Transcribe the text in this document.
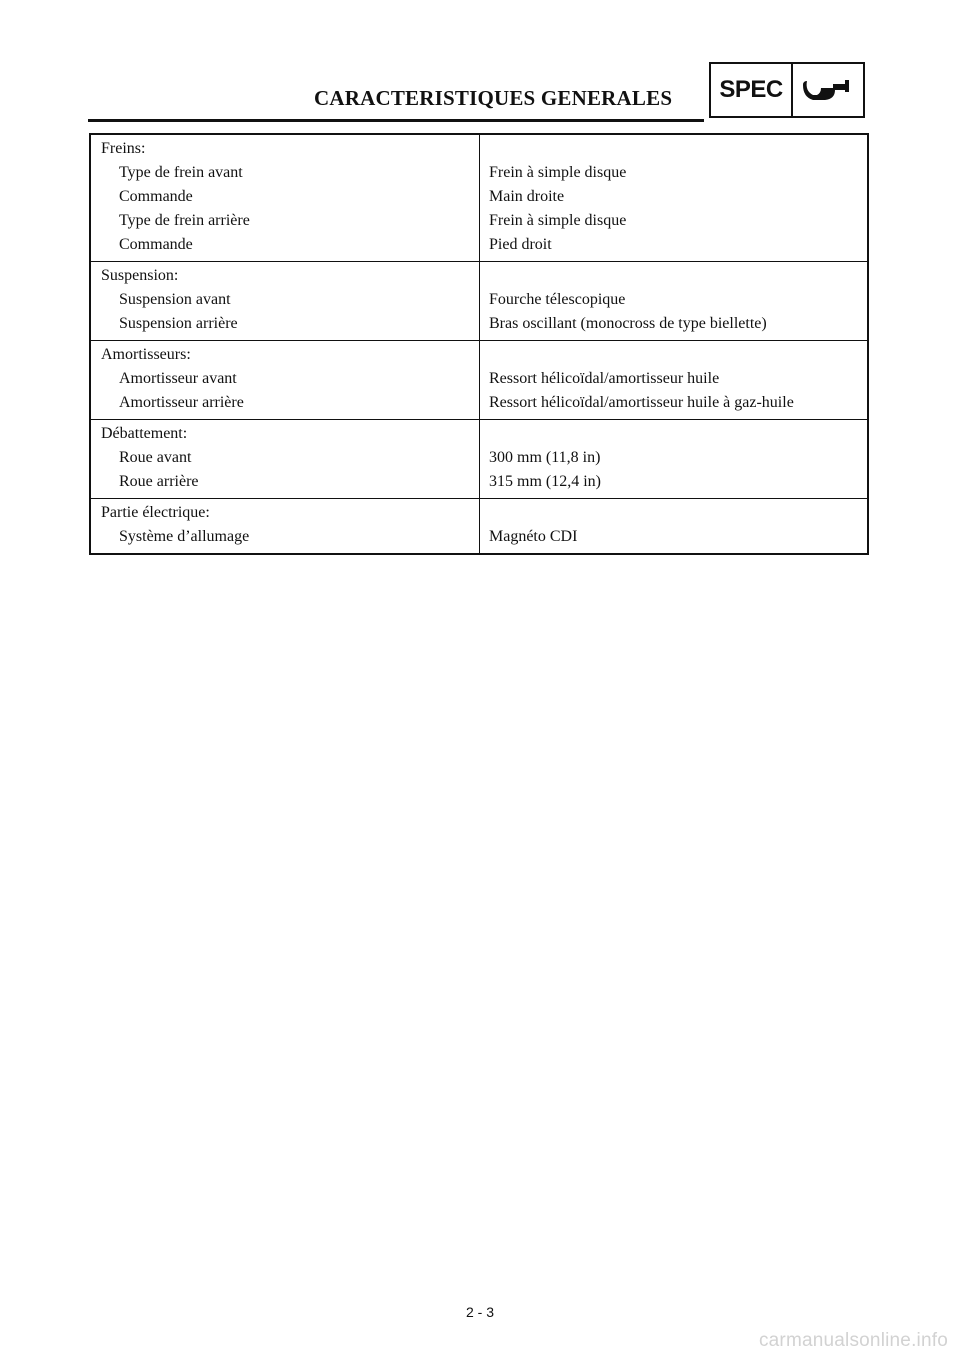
CARACTERISTIQUES GENERALES	SPEC
Freins:
Type de frein avant
Commande
Type de frein arrière
Commande
Frein à simple disque
Main droite
Frein à simple disque
Pied droit
Suspension:
Suspension avant
Suspension arrière
Fourche télescopique
Bras oscillant (monocross de type biellette)
Amortisseurs:
Amortisseur avant
Amortisseur arrière
Ressort hélicoïdal/amortisseur huile
Ressort hélicoïdal/amortisseur huile à gaz-huile
Débattement:
Roue avant
Roue arrière
300 mm (11,8 in)
315 mm (12,4 in)
Partie électrique:
Système d’allumage	Magnéto CDI
2 - 3
carmanualsonline.info
